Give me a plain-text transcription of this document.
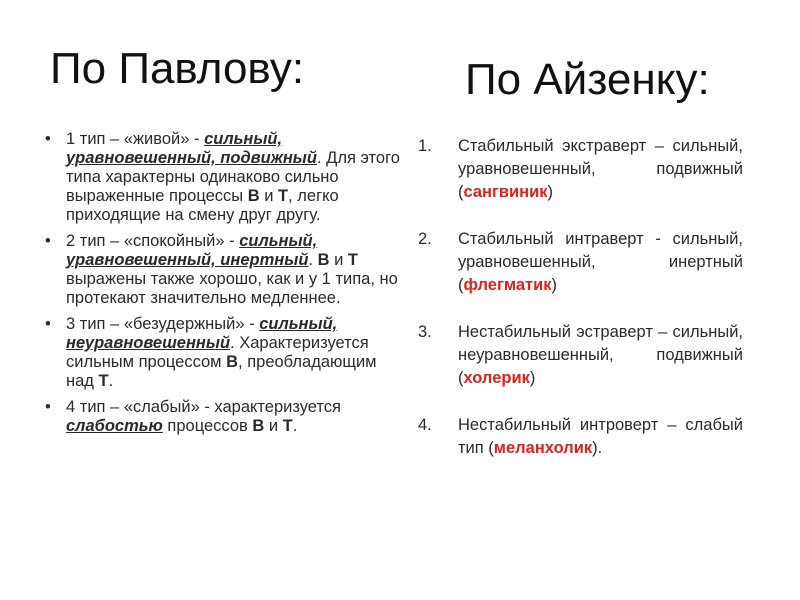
По Павлову:	По Айзенку:
• 1 тип – «живой» - сильный, уравновешенный, подвижный. Для этого типа характерны одинаково сильно выраженные процессы В и Т, легко приходящие на смену друг другу.
• 2 тип – «спокойный» - сильный, уравновешенный, инертный. В и Т выражены также хорошо, как и у 1 типа, но протекают значительно медленнее.
• 3 тип – «безудержный» - сильный, неуравновешенный. Характеризуется сильным процессом В, преобладающим над Т.
• 4 тип – «слабый» - характеризуется слабостью процессов В и Т.
1. Стабильный экстраверт – сильный, уравновешенный, подвижный (сангвиник)
2. Стабильный интраверт - сильный, уравновешенный, инертный (флегматик)
3. Нестабильный эстраверт – сильный, неуравновешенный, подвижный (холерик)
4. Нестабильный интроверт – слабый тип (меланхолик).
